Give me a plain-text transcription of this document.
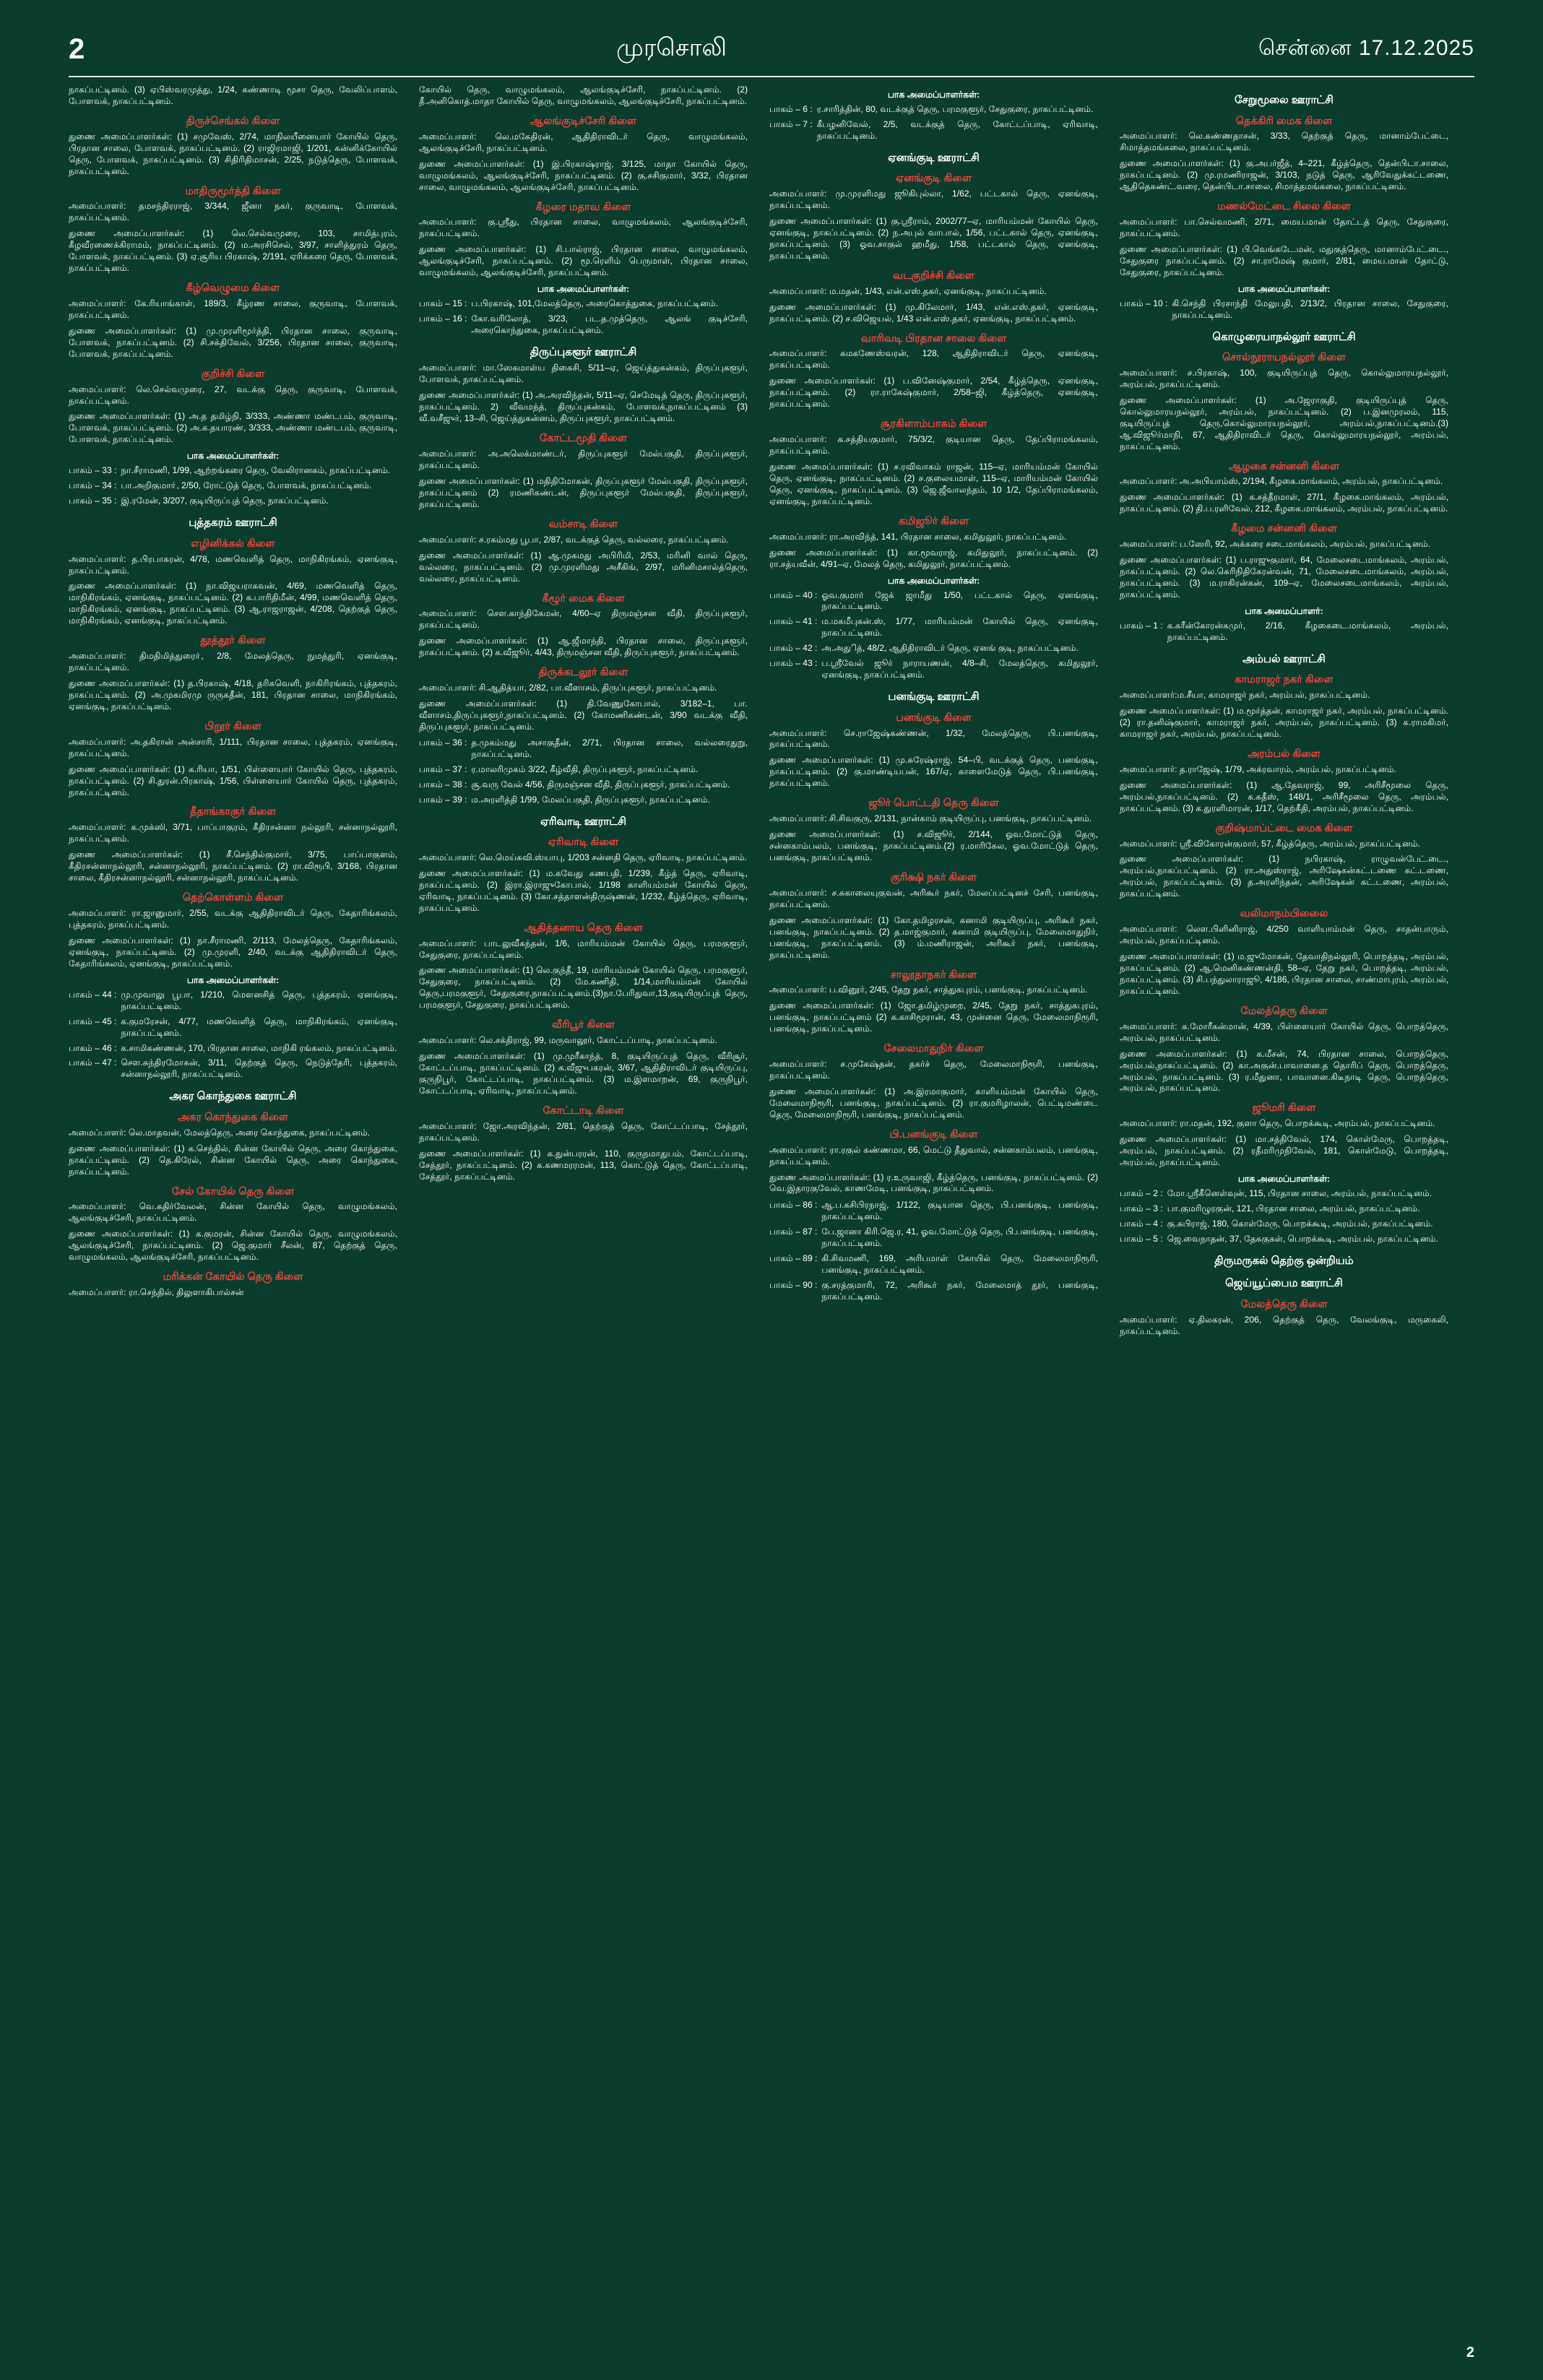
2	முரசொலி	சென்னை 17.12.2025

நாகப்பட்டினம். (3) ஏபிஸ்வரமுத்து, 1/24, கண்ணாடி மூசா தெரு, வேலிப்பாளம், போளவக், நாகப்பட்டினம்.

திருச்செங்கல் கிளை

துணை அமைப்பாளர்கள்: (1) சமுவேஸ், 2/74, மாநிலயீனையார் கோயில் தெரு, பிரதான சாலை, போளவக், நாகப்பட்டினம். (2) ராஜிரமாஜி, 1/201, கன்னிக்கோயில் தெரு, போளவக், நாகப்பட்டினம். (3) சிதிரிதிமாசன், 2/25, நடுத்தெரு, போளவக், நாகப்பட்டினம்.

மாதிருமூர்த்தி கிளை

அமைப்பாளர்: தமசந்திரராஜ், 3/344, ஜீனா நகர், குருவாடி, போளவக், நாகப்பட்டினம்.

துணை அமைப்பாளர்கள்: (1) லெ.செல்வமுரை, 103, சாமித்புரம், கீழவீரணைக்கிராமம், நாகப்பட்டினம். (2) ம.அரசிசெல், 3/97, சாளித்துரம் தெரு, போளவக், நாகப்பட்டினம். (3) ஏ.சூரிய பிரகாஷ், 2/191, ஏரிக்கரை தெரு, போளவக், நாகப்பட்டினம்.

கீழ்வெழுமை கிளை

அமைப்பாளர்: கே.ரியாங்காள், 189/3, கீழ்ரண சாலை, குருவாடி, போளவக், நாகப்பட்டினம்.

துணை அமைப்பாளர்கள்: (1) மு.முரளிமூர்த்தி, பிரதான சாலை, குருவாடி, போளவக், நாகப்பட்டினம். (2) சி.சக்திவேல், 3/256, பிரதான சாலை, குருவாடி, போளவக், நாகப்பட்டினம்.

குறிச்சி கிளை

அமைப்பாளர்: லெ.செல்வமுரை, 27, வடக்கு தெரு, குருவாடி, போளவக், நாகப்பட்டினம்.

துணை அமைப்பாளர்கள்: (1) அ.த தமிழ்நி, 3/333, அண்ணா மண்டபம், குருவாடி, போளவக், நாகப்பட்டினம். (2) அ.க.தயாரண், 3/333, அண்ணா மண்டபம், குருவாடி, போளவக், நாகப்பட்டினம்.

பாக அமைப்பாளர்கள்:
பாகம் – 33 : நா.சீராமணி, 1/99, ஆற்றங்கரை தெரு, வேலிரானகம், நாகப்பட்டினம்.
பாகம் – 34 : பா.அறிகுமாா், 2/50, ரோட்டுத் தெரு, போளவக், நாகப்பட்டினம்.
பாகம் – 35 : இ.ரமேன், 3/207, குடியிருப்புத் தெரு, நாகப்பட்டினம்.
புத்தகரம் ஊராட்சி
எழினிக்கல் கிளை

அமைப்பாளர்: த.பிரபாகரன், 4/78, மணவெளித் தெரு, மாநிகிரங்கம், ஏனங்குடி, நாகப்பட்டினம்.

துணை அமைப்பாளர்கள்: (1) நா.விஜயராகவன், 4/69, மணவெளித் தெரு, மாநிகிரங்கம், ஏனங்குடி, நாகப்பட்டினம். (2) க.பாரிதிமீன், 4/99, மணவெளித் தெரு, மாநிகிரங்கம், ஏனங்குடி, நாகப்பட்டினம். (3) ஆ.ராஜராஜன், 4/208, தெற்குத் தெரு, மாநிகிரங்கம், ஏனங்குடி, நாகப்பட்டினம்.

தூத்தூர் கிளை

அமைப்பாளர்: திமதிமித்துரைா், 2/8, மேலத்தெரு, நுமத்துரி, ஏனங்குடி, நாகப்பட்டினம்.

துணை அமைப்பாளர்கள்: (1) த.பிரகாஷ், 4/18, தரிகவெளி, நாகிரிரங்கம், புத்தகரம், நாகப்பட்டினம். (2) அ.முகமிரமு ருருகதீன், 181, பிரதான சாலை, மாநிகிரங்கம், ஏனங்குடி, நாகப்பட்டினம்.

பிறூர் கிளை

அமைப்பாளர்: அ.தகிரான் அன்சாரி, 1/111, பிரதான சாலை, புத்தகரம், ஏனங்குடி, நாகப்பட்டினம்.

துணை அமைப்பாளர்கள்: (1) க.ரியா, 1/51, பிள்ளையார் கோயில் தெரு, புத்தகரம், நாகப்பட்டினம். (2) சி.துரன்.பிரகாஷ், 1/56, பிள்ளையார் கோயில் தெரு, புத்தகரம், நாகப்பட்டினம்.

தீதாங்காகுர் கிளை

அமைப்பாளர்: க.முக்ஸி, 3/71, பாப்பாகுரம், கீதிரசன்னா நல்லூரி, சன்னாநல்லூரி, நாகப்பட்டினம்.

துணை அமைப்பாளர்கள்: (1) சீ.செந்தில்குமார், 3/75, பாப்பாகுளம், கீதிரசன்னாநல்லூரி, சன்னாநல்லூரி, நாகப்பட்டினம். (2) ரா.விரூபி, 3/168, பிரதான சாலை, கீதிரசன்னாநல்லூரி, சன்னாநல்லூரி, நாகப்பட்டினம்.

தெற்கொள்ளம் கிளை

அமைப்பாளர்: ரா.ஜானுமார், 2/55, வடக்கு ஆதிதிராவிடர் தெரு, கேதாரிங்கலம், புத்தகரம், நாகப்பட்டினம்.

துணை அமைப்பாளர்கள்: (1) நா.சீராமணி, 2/113, மேலத்தெரு, கேதாரிங்கலம், ஏனங்குடி, நாகப்பட்டினம். (2) மு.முரளி, 2/40, வடக்கு ஆதிதிராவிடர் தெரு, கேதாரிங்கலம், ஏனங்குடி, நாகப்பட்டினம்.

பாக அமைப்பாளர்கள்:
பாகம் – 44 : மு.முவாலு பூபா, 1/210, மௌனசித் தெரு, புத்தகரம், ஏனங்குடி, நாகப்பட்டினம்.
பாகம் – 45 : க.குமரேசன், 4/77, மணவெளித் தெரு, மாநிகிரங்கம், ஏனங்குடி, நாகப்பட்டினம்.
பாகம் – 46 : க.சாமிகண்ணன், 170, பிரதான சாலை, மாநிகி ரங்கலம், நாகப்பட்டினம்.
பாகம் – 47 : சௌ.சுந்திரமோகன், 3/11, தெற்குத் தெரு, நெடுத்தேரி, புத்தகரம், சன்னாநல்லூரி, நாகப்பட்டினம்.
அகர கொந்துகை ஊராட்சி
அகர கொந்துகை கிளை

அமைப்பாளர்: லெ.மாதவன், மேலத்தெரு, அரை கொந்துகை, நாகப்பட்டினம்.

துணை அமைப்பாளர்கள்: (1) க.செந்தில், சின்ன கோயில் தெரு, அரை கொந்துகை, நாகப்பட்டினம். (2) தெ.கிரேல், சின்ன கோயில் தெரு, அரை கொந்துகை, நாகப்பட்டினம்.

சேல் கோயில் தெரு கிளை

அமைப்பாளர்: வெ.கதிர்வேலன், சின்ன கோயில் தெரு, வாழுமங்கலம், ஆலங்குடிச்சேரி, நாகப்பட்டினம்.

துணை அமைப்பாளர்கள்: (1) க.குமரன், சின்ன கோயில் தெரு, வாழுமங்கலம், ஆலங்குடிச்சேரி, நாகப்பட்டினம். (2) ஜெ.குமார் சீலன், 87, தெற்குத் தெரு, வாழுமங்கலம், ஆலங்குடிச்சேரி, நாகப்பட்டினம்.

மரிக்கன் கோயில் தெரு கிளை

அமைப்பாளர்: ரா.செந்தில், திலுளாகிபால்சன்

கோயில் தெரு, வாழுமங்கலம், ஆலங்குடிச்சேரி, நாகப்பட்டினம். (2) தீ.அனிகொத்.மாதா கோயில் தெரு, வாழுமங்கலம், ஆலங்குடிச்சேரி, நாகப்பட்டினம்.

ஆலங்குடிச்சேரி கிளை

அமைப்பாளர்: லெ.மகேதிரன், ஆதிதிராவிடர் தெரு, வாழுமங்கலம், ஆலங்குடிச்சேரி, நாகப்பட்டினம்.

துணை அமைப்பாளர்கள்: (1) இ.பிரகாஷ்ராஜ், 3/125, மாதா கோயில் தெரு, வாழுமங்கலம், ஆலங்குடிச்சேரி, நாகப்பட்டினம். (2) கு.சசிகுமார், 3/32, பிரதான சாலை, வாழுமங்கலம், ஆலங்குடிச்சேரி, நாகப்பட்டினம்.

கீழரை மதாவ கிளை

அமைப்பாளர்: கு.ஸ்ரீது, பிரதான சாலை, வாழுமங்கலம், ஆலங்குடிச்சேரி, நாகப்பட்டினம்.

துணை அமைப்பாளர்கள்: (1) சி.பால்ராஜ், பிரதான சாலை, வாழுமங்கலம், ஆலங்குடிச்சேரி, நாகப்பட்டினம். (2) மூ.ரெளிம் பெருமாள், பிரதான சாலை, வாழுமங்கலம், ஆலங்குடிச்சேரி, நாகப்பட்டினம்.

பாக அமைப்பாளர்கள்:
பாகம் – 15 : ப.பிரகாஷ், 101,மேலத்தெரு, அரைகொத்துகை, நாகப்பட்டினம்.
பாகம் – 16 : கோ.வரிலோத், 3/23, பட.த.முத்தெரு, ஆலங் குடிச்சேரி, அரைகொந்துகை, நாகப்பட்டினம்.
திருப்புகளூர் ஊராட்சி

அமைப்பாளர்: மா.ஸேகமாள்ய திகைசி, 5/11–ஏ, ஜெய்த்துகன்கம், திருப்புகளூர், போளவக், நாகப்பட்டினம்.

துணை அமைப்பாளர்கள்: (1) அ.அரவிந்தன், 5/11–ஏ, செமேடித் தெரு, திருப்புகளூர், நாகப்பட்டினம். 2) வீவமந்த், திருப்புகன்கம், போளவக்,நாகப்பட்டினம் (3) வீ.வசீஜுர், 13–சி, ஜெய்த்துகன்னம், திருப்புகளூர், நாகப்பட்டினம்.

கோட்டமூதி கிளை

அமைப்பாளர்: அ.அலெக்மாண்டர், திருப்புகளூர் மேல்பகுதி, திருப்புகளூர், நாகப்பட்டினம்.

துணை அமைப்பாளர்கள்: (1) மதிதிமோகன், திருப்புகளூர் மேல்பகுதி, திருப்புகளூர், நாகப்பட்டினம் (2) ரமணிகண்டன், திருப்புகளூர் மேல்பகுதி, திருப்புகளூர், நாகப்பட்டினம்.

வம்சாடி கிளை

அமைப்பாளர்: ச.ரகம்மது பூபா, 2/87, வடக்குத் தெரு, வல்லரை, நாகப்பட்டினம்.

துணை அமைப்பாளர்கள்: (1) ஆ.முகமது அபிரிமி, 2/53, மரினி வால் தெரு, வல்லரை, நாகப்பட்டினம். (2) மு.முரளிமது அசீகிங், 2/97, மரினிமசால்த்தெரு, வல்லரை, நாகப்பட்டினம்.

கீழூர் மைக கிளை

அமைப்பாளர்: சௌ.காந்திகேமன், 4/60–ஏ திருமஞ்சன வீதி, திருப்புகளூர், நாகப்பட்டினம்.

துணை அமைப்பாளர்கள்: (1) ஆ.ஜீமாந்தி, பிரதான சாலை, திருப்புகளூர், நாகப்பட்டினம். (2) க.வீஜூர், 4/43, திருமஞ்சன வீதி, திருப்புகளூர், நாகப்பட்டினம்.

திருக்கடலூர் கிளை

அமைப்பாளர்: சி.ஆதித்யா, 2/82, பா.வீளாசம், திருப்புகளூர், நாகப்பட்டினம்.

துணை அமைப்பாளர்கள்: (1) தி.வேணுகோபால், 3/182–1, பா. வீளாசம்,திருப்புகளூர்,நாகப்பட்டினம். (2) கோமணிகண்டன், 3/90 வடக்கு வீதி, திருப்புகளூர், நாகப்பட்டினம்.

பாகம் – 36 : த.முகம்மது அசாகுதீன், 2/71, பிரதான சாலை, வல்லரைதுறு, நாகப்பட்டினம்.
பாகம் – 37 : ர.மாலரிமுகம் 3/22, கீழ்வீதி, திருப்புகளூர், நாகப்பட்டினம்.
பாகம் – 38 : சூ.வரு வேல் 4/56, திருமஞ்சன வீதி, திருப்புகளூர், நாகப்பட்டினம்.
பாகம் – 39 : ம.அரளித்தி 1/99, மேலப்பகுதி, திருப்புகளூர், நாகப்பட்டினம்.
ஏரிவாடி ஊராட்சி
ஏரிவாடி கிளை

அமைப்பாளர்: லெ.மெய்கவி.ஸ்யாபு, 1/203 சன்னதி தெரு, ஏரிவாடி, நாகப்பட்டினம்.

துணை அமைப்பாளர்கள்: (1) ம.கவேது கணபதி, 1/239, கீழ்த் தெரு, ஏரிவாடி, நாகப்பட்டினம். (2) இரா.இராஜுகோபால், 1/198 காளியம்மன் கோயில் தெரு, ஏரிவாடி, நாகப்பட்டினம். (3) கோ.சத்தாளன்திருஷ்ணன், 1/232, கீழ்த்தெரு, ஏரிவாடி, நாகப்பட்டினம்.

ஆதித்தனாய தெரு கிளை

அமைப்பாளர்: பாடலுவீகந்தன், 1/6, மாரியம்மன் கோயில் தெரு, பரமகுளூர், சேதுகுரை, நாகப்பட்டினம்.

துணை அமைப்பாளர்கள்: (1) லெ.குந்தீ, 19, மாரியம்மன் கோயில் தெரு, பரமகுளூர், சேதுகுரை, நாகப்பட்டினம். (2) மே.கணிதி, 1/14,மாரியம்மன் கோயில் தெரு,பரமகுளூர், சேதுகுரை,நாகப்பட்டினம்.(3)நா.பேரிதுவா,13,குடியிருப்புத் தெரு, பரமகுளூர், சேதுகுரை, நாகப்பட்டினம்.

வீரிபூர் கிளை

அமைப்பாளர்: லெ.சக்திராஜ், 99, மருவாலூர், கோட்டப்பாடி, நாகப்பட்டினம்.

துணை அமைப்பாளர்கள்: (1) மு.முரீகாந்த், 8, குடியிருப்புத் தெரு, வீரிசூர், கோட்டப்பாடி, நாகப்பட்டினம். (2) க.வீஜுபகரன், 3/67, ஆதிதிராவிடர் குடியிருப்பு, குருநிபூர், கோட்டப்பாடி, நாகப்பட்டினம். (3) ம.இளமாறன், 69, குருநிபூர், கோட்டப்பாடி, ஏரிவாடி, நாகப்பட்டினம்.

கோட்டாடி கிளை

அமைப்பாளர்: ஜோ.அரவிந்தன், 2/81, தெற்குத் தெரு, கோட்டப்பாடி, சேத்தூர், நாகப்பட்டினம்.

துணை அமைப்பாளர்கள்: (1) க.துன்பரரன், 110, குருநமாதுபம், கோட்டப்பாடி, சேத்தூர், நாகப்பட்டினம். (2) க.கணமரரமன், 113, கொட்டுத் தெரு, கோட்டப்பாடி, சேத்தூர், நாகப்பட்டினம்.

பாக அமைப்பாளர்கள்:
பாகம் – 6 : ர.சாரித்தின், 80, வடக்குத் தெரு, பரமகுளூர், சேதுகுரை, நாகப்பட்டினம்.
பாகம் – 7 : கீபழனிவேல், 2/5, வடக்குத் தெரு, கோட்டப்பாடி, ஏரிவாடி, நாகப்பட்டினம்.
ஏனங்குடி ஊராட்சி
ஏனங்குடி கிளை

அமைப்பாளர்: மு.முரளிமது ஜூகிபுல்லா, 1/62, பட்டகால் தெரு, ஏனங்குடி, நாகப்பட்டினம்.

துணை அமைப்பாளர்கள்: (1) கு.ஸ்ரீராம், 2002/77–ஏ, மாரியம்மன் கோயில் தெரு, ஏனங்குடி, நாகப்பட்டினம். (2) ந.அபுல் வாபால், 1/56, பட்டகால் தெரு, ஏனங்குடி, நாகப்பட்டினம். (3) ஓவ.சாகுல் ஹமீது, 1/58, பட்டகால் தெரு, ஏனங்குடி, நாகப்பட்டினம்.

வடகுறிச்சி கிளை

அமைப்பாளர்: ம.மதன், 1/43, என்.எஸ்.தகர், ஏனங்குடி, நாகப்பட்டினம்.

துணை அமைப்பாளர்கள்: (1) மு.கிலேமார், 1/43, என்.எஸ்.தகர், ஏனங்குடி, நாகப்பட்டினம். (2) ச.விஜெயல், 1/43 என்.எஸ்.தகர், ஏனங்குடி, நாகப்பட்டினம்.

வாரிவடி பிரதான சாலை கிளை

அமைப்பாளர்: சுமகணேஸ்வரன், 128, ஆதிதிராவிடர் தெரு, ஏனங்குடி, நாகப்பட்டினம்.

துணை அமைப்பாளர்கள்: (1) ப.வினேஷ்குமார், 2/54, கீழ்த்தெரு, ஏனங்குடி, நாகப்பட்டினம். (2) ரா.ராகேஷ்குமார், 2/58–ஜி, கீழ்த்தெரு, ஏனங்குடி, நாகப்பட்டினம்.

சூரகிளாம்பாகம் கிளை

அமைப்பாளர்: க.சத்தியகுமார், 75/3/2, குடியான தெரு, தேப்பிராமங்கலம், நாகப்பட்டினம்.

துணை அமைப்பாளர்கள்: (1) ச.ரவிவாகம் ராஜன், 115–ஏ, மாரியம்மன் கோயில் தெரு, ஏனங்குடி, நாகப்பட்டினம். (2) ச.குலையமாள், 115–ஏ, மாரியம்மன் கோயில் தெரு, ஏனங்குடி, நாகப்பட்டினம். (3) ஜெ.ஜீவாலந்தம், 10 1/2, தேப்பிராமங்கலம், ஏனங்குடி, நாகப்பட்டினம்.

கமிஜூர் கிளை

அமைப்பாளர்: ரா.அரவிந்த், 141, பிரதான சாலை, கமிதுலூர், நாகப்பட்டினம்.

துணை அமைப்பாளர்கள்: (1) கா.மூவராஜ், கமிதுலூர், நாகப்பட்டினம். (2) ரா.சத்யவீன், 4/91–ஏ, மேலத் தெரு, கமிதுலூர், நாகப்பட்டினம்.

பாக அமைப்பாளர்கள்:
பாகம் – 40 : ஓவ.குமார் ஜேக் ஜாமீது 1/50, பட்டகால் தெரு, ஏனங்குடி, நாகப்பட்டினம்.
பாகம் – 41 : ம.மகமீபுகன்.ஸ், 1/77, மாரியம்மன் கோயில் தெரு, ஏனங்குடி, நாகப்பட்டினம்.
பாகம் – 42 : அ.அதுித், 48/2, ஆதிதிராவிடர் தெரு, ஏனங் குடி, நாகப்பட்டினம்.
பாகம் – 43 : ப.ஸ்ரீவேல் ஜூர் நாராயணன், 4/8–சி, மேலத்தெரு, கமிதுலூர், ஏனங்குடி, நாகப்பட்டினம்.
பனங்குடி ஊராட்சி
பனங்குடி கிளை

அமைப்பாளர்: செ.ராஜேஷ்கண்ணன், 1/32, மேலத்தெரு, பி.பனங்குடி, நாகப்பட்டினம்.

துணை அமைப்பாளர்கள்: (1) மு.சுரேஷ்ராஜ், 54–பி, வடக்குத் தெரு, பனங்குடி, நாகப்பட்டினம். (2) கு.மாண்டியபன், 167/ஏ, காளைமேடுத் தெரு, பி.பனங்குடி, நாகப்பட்டினம்.

ஜூர் பொட்டதி தெரு கிளை

அமைப்பாளர்: சி.சிவகுரு, 2/131, நான்காம் குடியிருப்பு, பனங்குடி, நாகப்பட்டினம்.

துணை அமைப்பாளர்கள்: (1) ச.விஜூர், 2/144, ஓவ.மோட்டுத் தெரு, சன்னகாம்பலம், பனங்குடி, நாகப்பட்டினம்.(2) ர.மாரிகேல, ஓவ.மோட்டுத் தெரு, பனங்குடி, நாகப்பட்டினம்.

குரிக்ஷி நகர் கிளை

அமைப்பாளர்: ச.சுகாலையுகுவன், அரிகூர் நகர், மேலப்பட்டினச் சேரி, பனங்குடி, நாகப்பட்டினம்.

துணை அமைப்பாளர்கள்: (1) கோ.தமிழரசன், கனாமி குடியிருப்பு, அரிகூர் நகர், பனங்குடி, நாகப்பட்டினம். (2) த.மாஜ்குமார், கனாமி குடியிருப்பு, மேலைமாதுநிர், பனங்குடி, நாகப்பட்டினம். (3) ம்.மணிராஜன், அரிகூர் நகர், பனங்குடி, நாகப்பட்டினம்.

சாலூதாநகர் கிளை

அமைப்பாளர்: ப.வினூர், 2/45, தேறு நகர், சாத்துகபுரம், பனங்குடி, நாகப்பட்டினம்.

துணை அமைப்பாளர்கள்: (1) ஜோ.தமிழ்முறை, 2/45, தேறு நகர், சாத்துகபுரம், பனங்குடி, நாகப்பட்டினம் (2) க.காசிமூரான், 43, முன்னை தெரு, மேலைமாநிரூரி, பனங்குடி, நாகப்பட்டினம்.

சேலைமாதுநிர் கிளை

அமைப்பாளர்: ச.முகேஷ்தன், தகர்ச் தெரு, மேலைமாநிரூரி, பனங்குடி, நாகப்பட்டினம்.

துணை அமைப்பாளர்கள்: (1) அ.இரமாகுமார், காளியம்மன் கோயில் தெரு, மேலைமாநிரூரி, பனங்குடி, நாகப்பட்டினம். (2) ரா.குமரிழாலன், பெட்டிமண்டை தெரு, மேலைமாநிரூரி, பனங்குடி, நாகப்பட்டினம்.

பி.பனங்குடி கிளை

அமைப்பாளர்: ரா.ரகுல் கண்ணமா, 66, மெட்டு தீதுவால், சன்னகாம்பலம், பனங்குடி, நாகப்பட்டினம்.

துணை அமைப்பாளர்கள்: (1) ர.உருவாஜி, கீழ்த்தெரு, பனங்குடி, நாகப்பட்டினம். (2) வெ.இதாரகுவேல், காணமேடி, பனங்குடி, நாகப்பட்டினம்.

பாகம் – 86 : ஆ.ப.கசிபிரநாஜ், 1/122, குடியான தெரு, பி.பனங்குடி, பனங்குடி, நாகப்பட்டினம்.
பாகம் – 87 : பே.ஜானா கிரி.ஜெ.ர, 41, ஓவ.மோட்டுத் தெரு, பி.பனங்குடி, பனங்குடி, நாகப்பட்டினம்.
பாகம் – 89 : கி.சிவமணி, 169, அரிபமாள் கோயில் தெரு, மேலைமாநிரூரி, பனங்குடி, நாகப்பட்டினம்.
பாகம் – 90 : கு.சரத்குமாரி, 72, அரிகூர் நகர், மேலைமாத் தூர், பனங்குடி, நாகப்பட்டினம்.
சேறுமூலை ஊராட்சி
தெக்கிரி மைக கிளை

அமைப்பாளர்: லெ.கண்ணதாசன், 3/33, தெற்குத் தெரு, மானாம்பேட்டை, சிமாத்தமங்கலை, நாகப்பட்டினம்.

துணை அமைப்பாளர்கள்: (1) கு.அபர்ஜீத், 4–221, கீழ்த்தெரு, தென்பிடா.சாலை, நாகப்பட்டினம். (2) மு.ரமணிராஜன், 3/103, நடுத் தெரு, ஆரிவேதுக்கட்டணை, ஆதிதெகண்ட்.வரை, தென்பிடா.சாலை, சிமாத்தமங்கலை, நாகப்பட்டினம்.

மணல்மேட்டை சிலை கிளை

அமைப்பாளர்: பா.செல்வமணி, 2/71, மைய.மான் தோட்டத் தெரு, சேதுகுரை, நாகப்பட்டினம்.

துணை அமைப்பாளர்கள்: (1) பி.வெங்கடே.மன், மதுகுத்தெரு, மானாம்பேட்.டை., சேதுகுரை நாகப்பட்டினம். (2) சா.ராமேஷ் குமார், 2/81, மைய.மான் தோட்டு, சேதுகுரை, நாகப்பட்டினம்.

பாக அமைப்பாளர்கள்:
பாகம் – 10 : கி.செந்தி பிரசாந்தி மேலுபதி, 2/13/2, பிரதான சாலை, சேதுகுரை, நாகப்பட்டினம்.
கொழுரையாநல்லூர் ஊராட்சி
சொல்நூராயநல்லூர் கிளை

அமைப்பாளர்: ச.பிரகாஷ், 100, குடியிருப்புத் தெரு, கொல்லுமாரயநல்லூர், அரம்பல், நாகப்பட்டினம்.

துணை அமைப்பாளர்கள்: (1) அ.ஜேராகுதி, குடியிருப்புத் தெரு, கொல்லுமாரயநல்லூர், அரம்பல், நாகப்பட்டினம். (2) ப.இனமுரலம், 115, குடியிருப்புத் தெரு,கொல்லுமாரயநல்லூர், அரம்பல்,நாகப்பட்டினம்.(3) ஆ.விஜூர்மாநி, 67, ஆதிதிராவிடர் தெரு, கொல்லுமாரயநல்லூர், அரம்பல், நாகப்பட்டினம்.

ஆழகை சன்னனி கிளை

அமைப்பாளர்: அ.அபியாம்ஸ், 2/194, கீழகை.மாங்கலம், அரம்பல், நாகப்பட்டினம்.

துணை அமைப்பாளர்கள்: (1) க.சத்தீரமாள், 27/1, கீழகை.மாங்கலம், அரம்பல், நாகப்பட்டினம். (2) தி.ப.ரளிவேல், 212, கீழகை.மாங்கலம், அரம்பல், நாகப்பட்டினம்.

கீழமை சன்னனி கிளை

அமைப்பாளர்: ப.ஸேரி, 92, அக்கரை சடைமாங்கலம், அரம்பல், நாகப்பட்டினம்.

துணை அமைப்பாளர்கள்: (1) ப.ராஜுகுமார், 64, மேலைசடைமாங்கலம், அரம்பல், நாகப்பட்டினம். (2) லெ.கெரிநிதிகேரன்வன், 71, மேலைசடைமாங்கலம், அரம்பல், நாகப்பட்டினம். (3) ம.ராகிரன்கன், 109–ஏ, மேலைசடைமாங்கலம், அரம்பல், நாகப்பட்டினம்.

பாக அமைப்பாளர்:
பாகம் – 1 : க.கரீன்கோரன்கமுர், 2/16, கீழகைடை.மாங்கலம், அரம்பல், நாகப்பட்டினம்.
அம்பல் ஊராட்சி
காமராஜர் நகர் கிளை

அமைப்பாளர்:ம.சீயா, காமராஜர் நகர், அரம்பல், நாகப்பட்டினம்.

துணை அமைப்பாளர்கள்: (1) ம.மூர்த்தன், காமராஜர் நகர், அரம்பல், நாகப்பட்டினம். (2) ரா.தனிஷ்குமார், காமராஜர் நகர், அரம்பல், நாகப்பட்டினம். (3) க.ராமகிமர், காமராஜர் நகர், அரம்பல், நாகப்பட்டினம்.

அரம்பல் கிளை

அமைப்பாளர்: த.ராஜேஷ், 1/79, அக்ரவாரம், அரம்பல், நாகப்பட்டினம்.

துணை அமைப்பாளர்கள்: (1) ஆ.தேவராஜ், 99, அரிசீமூலை தெரு, அரம்பல்,நாகப்பட்டினம். (2) க.கதீஸ், 148/1, அரிசீமூலை தெரு, அரம்பல், நாகப்பட்டினம். (3) க.துரளிமாரன், 1/17, தெற்கீதி, அரம்பல், நாகப்பட்டினம்.

குறிஷ்மாப்ட்டை மைக கிளை

அமைப்பாளர்: ஸ்ரீ.விகோரன்குமார், 57, கீழ்த்தெரு, அரம்பல், நாகப்பட்டினம்.

துணை அமைப்பாளர்கள்: (1) நபிரகாஷ், ராழுவன்பேட்.டை., அரம்பல்,நாகப்பட்டினம். (2) ரா.அதுஸ்ராஜ், அரிஷேகன்கட்.டணை கட்.டணை, அரம்பல், நாகப்பட்டினம். (3) த.அரளிந்தன், அரிஷேகன் கட்.டணை, அரம்பல், நாகப்பட்டினம்.

வலிமாநம்பிலைை

அமைப்பாளர்: லௌ.பிளினிராஜ், 4/250 வாளியாம்மன் தெரு, சாதன்பாரும், அரம்பல், நாகப்பட்டினம்.

துணை அமைப்பாளர்கள்: (1) ம.ஜுமோகன், தேவாதிநல்லூரி, பொறத்தடி, அரம்பல், நாகப்பட்டினம். (2) ஆ.மெனிகண்ணன்தி, 58–ஏ, தேறு நகர், பொறத்தடி, அரம்பல், நாகப்பட்டினம். (3) சி.பந்துலாராஜூ, 4/186, பிரதான சாலை, சாண்மாபுரம், அரம்பல், நாகப்பட்டினம்.

மேலத்தெரு கிளை

அமைப்பாளர்: க.மோரீகன்மான், 4/39, பிள்ளையார் கோயில் தெரு, பொறத்தெரு, அரம்பல், நாகப்பட்டினம்.

துணை அமைப்பாளர்கள்: (1) க.மீசன், 74, பிரதான சாலை, பொறத்தெரு, அரம்பல்,நாகப்பட்டினம். (2) கா.அகுன்.பாவானை.த தொரிப் தெரு, பொறத்தெரு, அரம்பல், நாகப்பட்டினம். (3) ர.மீதுனா, பாவானை.கிடீநாடி தெரு, பொறத்தெரு, அரம்பல், நாகப்பட்டினம்.

ஜூமரி கிளை

அமைப்பாளர்: ரா.மதன், 192, குளா தெரு, பொறக்கூடி, அரம்பல், நாகப்பட்டினம்.

துணை அமைப்பாளர்கள்: (1) மா.சத்திவேல், 174, கொள்மேரு, பொறத்தடி, அரம்பல், நாகப்பட்டினம். (2) ரதீமரிமுநிவேல், 181, கொள்மேடு, பொறத்தடி, அரம்பல், நாகப்பட்டினம்.

பாக அமைப்பாளர்கள்:
பாகம் – 2 : மோ.ஸ்ரீகீனெள்வுன், 115, பிரதான சாலை, அரம்பல், நாகப்பட்டினம்.
பாகம் – 3 : பா.குமரிழுரகுன், 121, பிரதான சாலை, அரம்பல், நாகப்பட்டினம்.
பாகம் – 4 : கு.கபிராஜ், 180, கொள்மேரு, பொறக்கூடி, அரம்பல், நாகப்பட்டினம்.
பாகம் – 5 : ஜெ.வைநாதன், 37, தேசுகுகள், பொறக்கூடி, அரம்பல், நாகப்பட்டினம்.
திருமருகல் தெற்கு ஒன்றியம்
ஜெய்யூப்பைம ஊராட்சி
மேலத்தெரு கிளை

அமைப்பாளர்: ஏ.திலகரன், 206, தெற்குத் தெரு, வேலங்குடி, மருகைலி, நாகப்பட்டினம்.

2
